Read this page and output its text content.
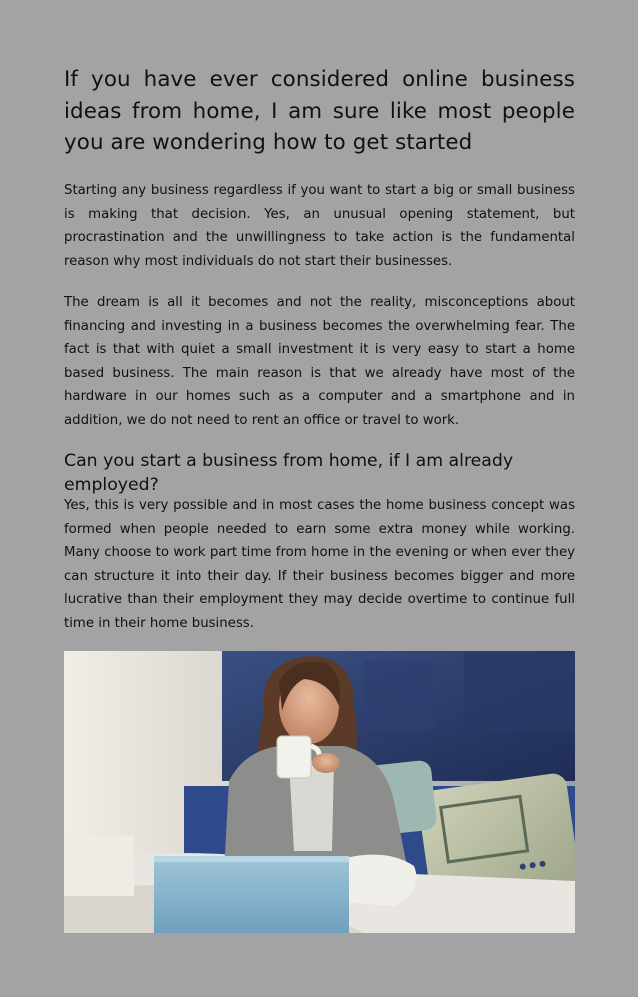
If you have ever considered online business ideas from home, I am sure like most people you are wondering how to get started

Starting any business regardless if you want to start a big or small business is making that decision. Yes, an unusual opening statement, but procrastination and the unwillingness to take action is the fundamental reason why most individuals do not start their businesses.

The dream is all it becomes and not the reality, misconceptions about financing and investing in a business becomes the overwhelming fear. The fact is that with quiet a small investment it is very easy to start a home based business. The main reason is that we already have most of the hardware in our homes such as a computer and a smartphone and in addition, we do not need to rent an office or travel to work.

Can you start a business from home, if I am already employed?

Yes, this is very possible and in most cases the home business concept was formed when people needed to earn some extra money while working. Many choose to work part time from home in the evening or when ever they can structure it into their day. If their business becomes bigger and more lucrative than their employment they may decide overtime to continue full time in their home business.
